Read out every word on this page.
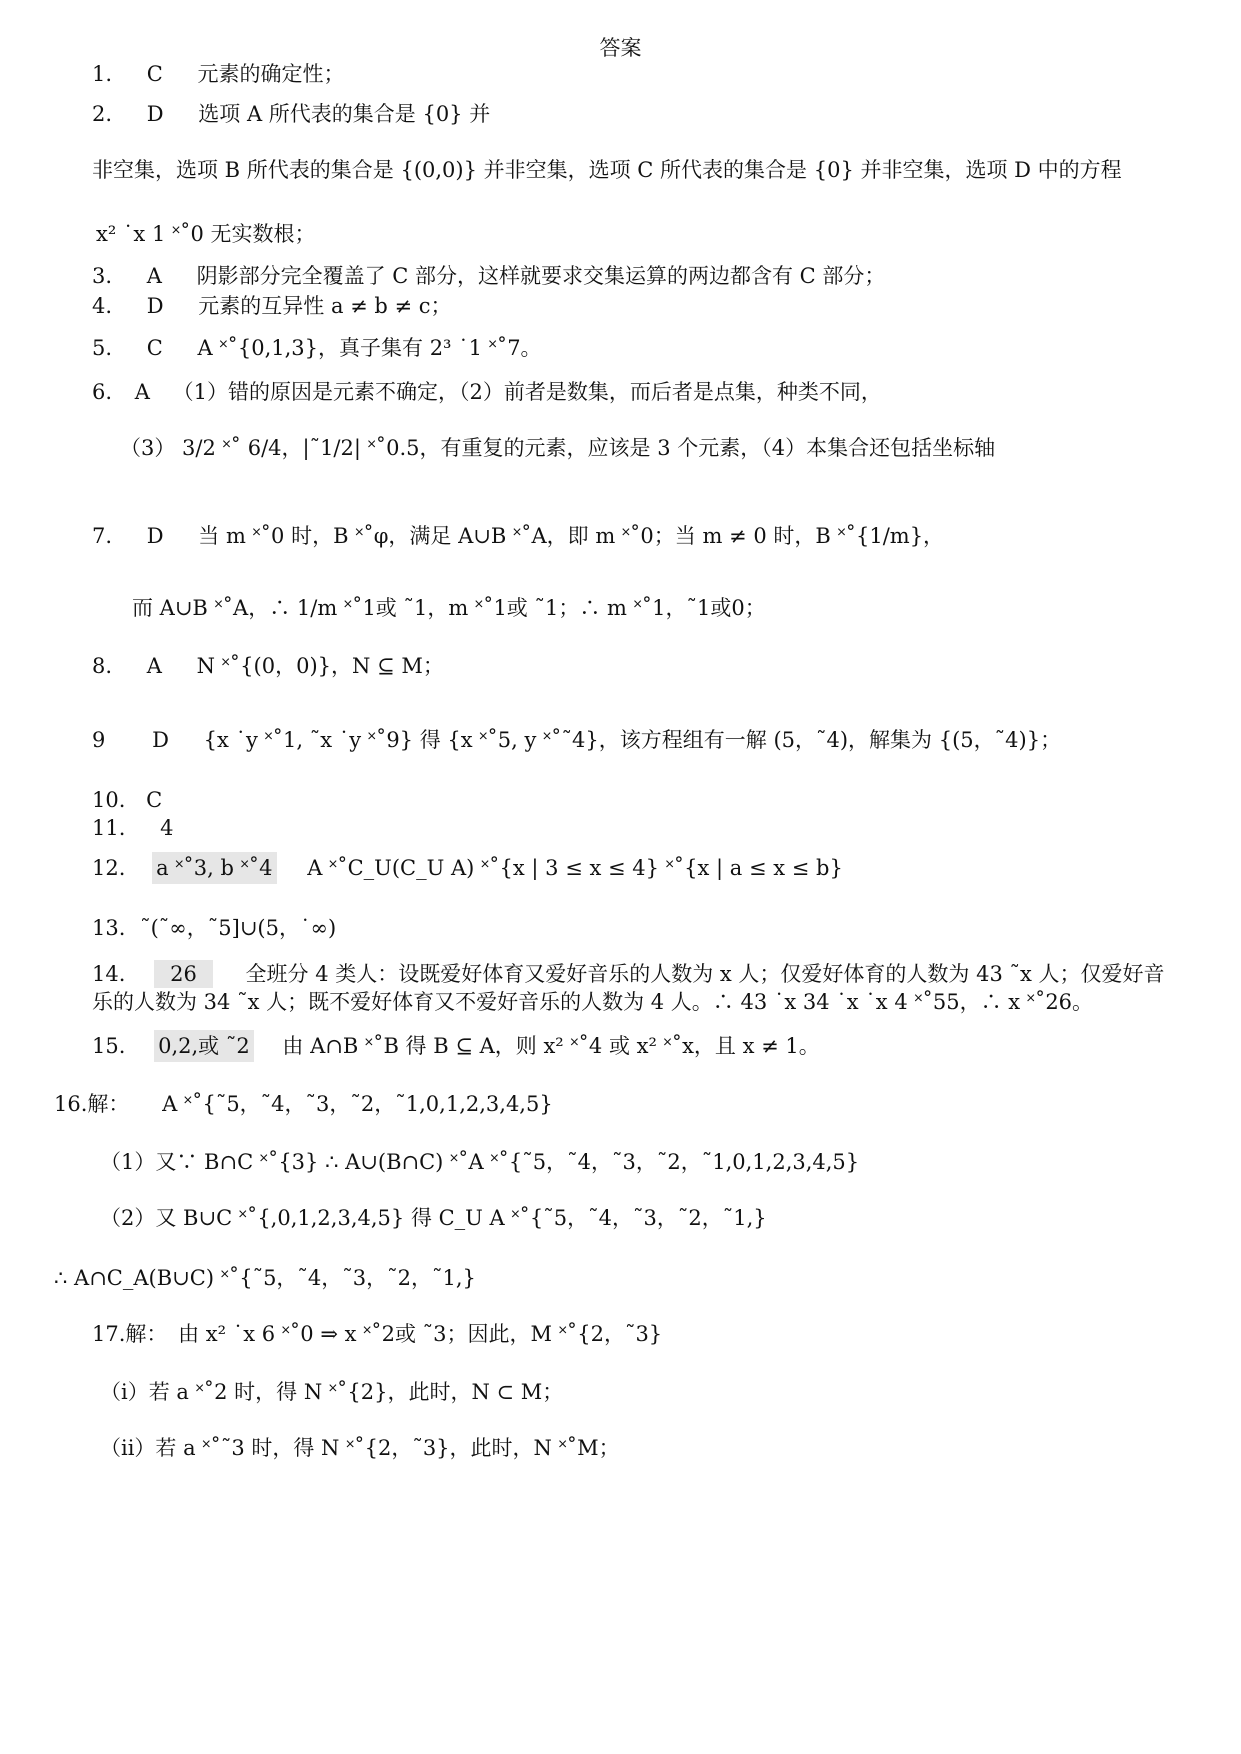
答案
1. C 元素的确定性；
2. D 选项 A 所代表的集合是 {0} 并
非空集，选项 B 所代表的集合是 {(0,0)} 并非空集，选项 C 所代表的集合是 {0} 并非空集，选项 D 中的方程
x² ˙x 1 ˟˚0 无实数根；
3. A 阴影部分完全覆盖了 C 部分，这样就要求交集运算的两边都含有 C 部分；
4. D 元素的互异性 a ≠ b ≠ c；
5. C A ˟˚{0,1,3}，真子集有 2³ ˙1 ˟˚7。
6. A （1）错的原因是元素不确定，（2）前者是数集，而后者是点集，种类不同，
（3） 3/2 ˟˚ 6/4，|˜1/2| ˟˚0.5，有重复的元素，应该是 3 个元素，（4）本集合还包括坐标轴
7. D 当 m ˟˚0 时，B ˟˚φ，满足 A∪B ˟˚A，即 m ˟˚0；当 m ≠ 0 时，B ˟˚{1/m}，
而 A∪B ˟˚A，∴ 1/m ˟˚1或 ˜1，m ˟˚1或 ˜1；∴ m ˟˚1，˜1或0；
8. A N ˟˚{(0，0)}，N ⊆ M；
9 D {x ˙y ˟˚1, ˜x ˙y ˟˚9} 得 {x ˟˚5, y ˟˚˜4}，该方程组有一解 (5，˜4)，解集为 {(5，˜4)}；
10. C
11. 4
12. a ˟˚3, b ˟˚4 A ˟˚C_U(C_U A) ˟˚{x | 3 ≤ x ≤ 4} ˟˚{x | a ≤ x ≤ b}
13. ˜(˜∞，˜5]∪(5，˙∞)
14. 26 全班分 4 类人：设既爱好体育又爱好音乐的人数为 x 人；仅爱好体育的人数为 43 ˜x 人；仅爱好音
乐的人数为 34 ˜x 人；既不爱好体育又不爱好音乐的人数为 4 人。∴ 43 ˙x 34 ˙x ˙x 4 ˟˚55，∴ x ˟˚26。
15. 0,2,或 ˜2 由 A∩B ˟˚B 得 B ⊆ A，则 x² ˟˚4 或 x² ˟˚x，且 x ≠ 1。
16.解： A ˟˚{˜5，˜4，˜3，˜2，˜1,0,1,2,3,4,5}
（1）又∵ B∩C ˟˚{3} ∴ A∪(B∩C) ˟˚A ˟˚{˜5，˜4，˜3，˜2，˜1,0,1,2,3,4,5}
（2）又 B∪C ˟˚{,0,1,2,3,4,5} 得 C_U A ˟˚{˜5，˜4，˜3，˜2，˜1,}
∴ A∩C_A(B∪C) ˟˚{˜5，˜4，˜3，˜2，˜1,}
17.解： 由 x² ˙x 6 ˟˚0 ⇒ x ˟˚2或 ˜3；因此，M ˟˚{2，˜3}
（i）若 a ˟˚2 时，得 N ˟˚{2}，此时，N ⊂ M；
（ii）若 a ˟˚˜3 时，得 N ˟˚{2，˜3}，此时，N ˟˚M；
